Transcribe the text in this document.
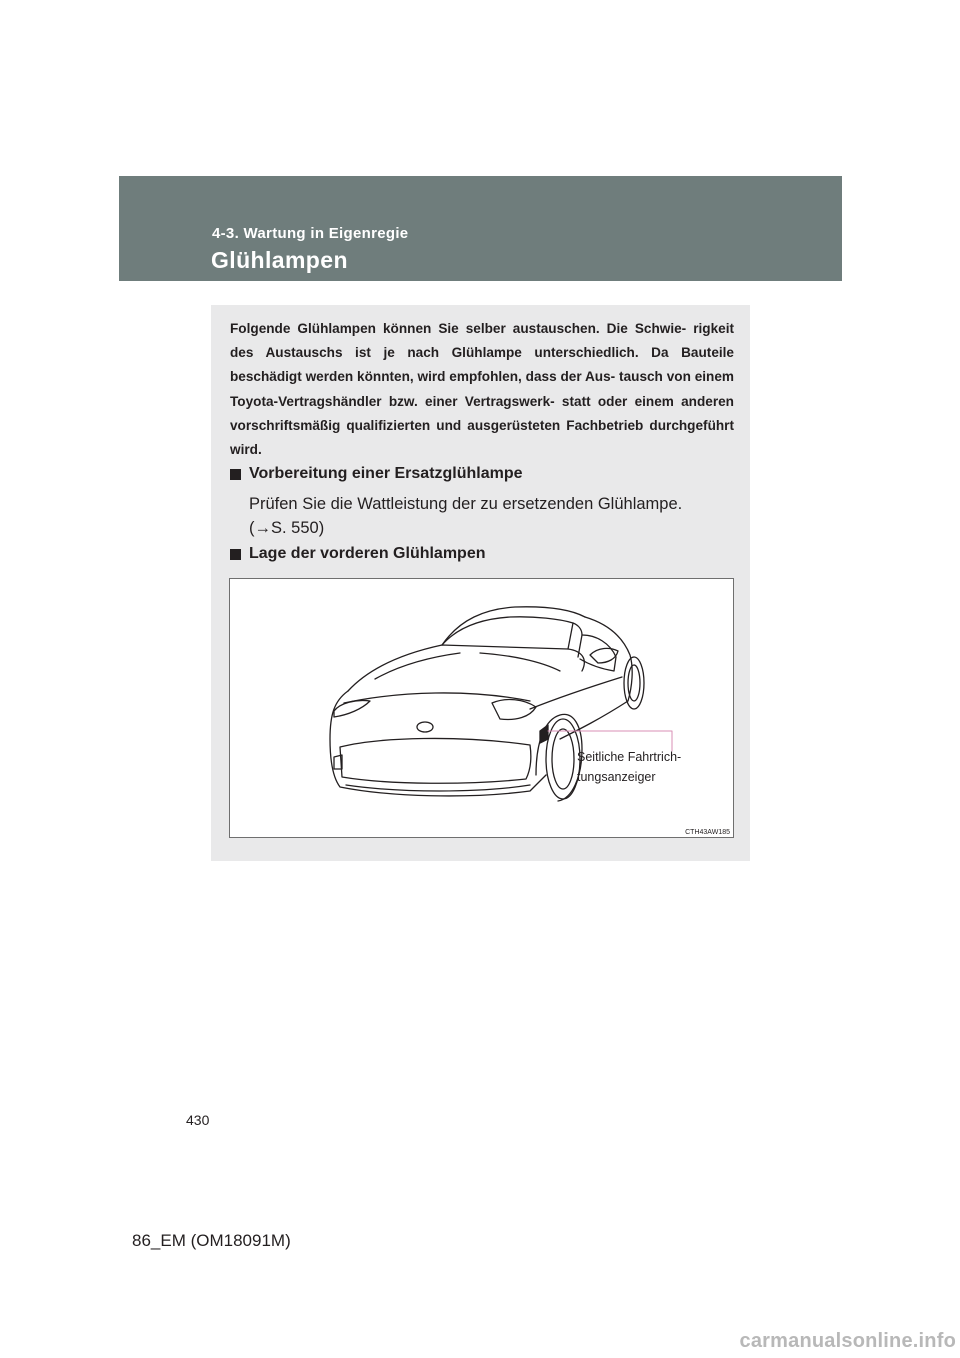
4-3. Wartung in Eigenregie
Glühlampen
Folgende Glühlampen können Sie selber austauschen. Die Schwie- rigkeit des Austauschs ist je nach Glühlampe unterschiedlich. Da Bauteile beschädigt werden könnten, wird empfohlen, dass der Aus- tausch von einem Toyota-Vertragshändler bzw. einer Vertragswerk- statt oder einem anderen vorschriftsmäßig qualifizierten und ausgerüsteten Fachbetrieb durchgeführt wird.
Vorbereitung einer Ersatzglühlampe
Prüfen Sie die Wattleistung der zu ersetzenden Glühlampe.
(→S. 550)
Lage der vorderen Glühlampen
Seitliche Fahrtrich-
tungsanzeiger
CTH43AW185
430
86_EM (OM18091M)
carmanualsonline.info
